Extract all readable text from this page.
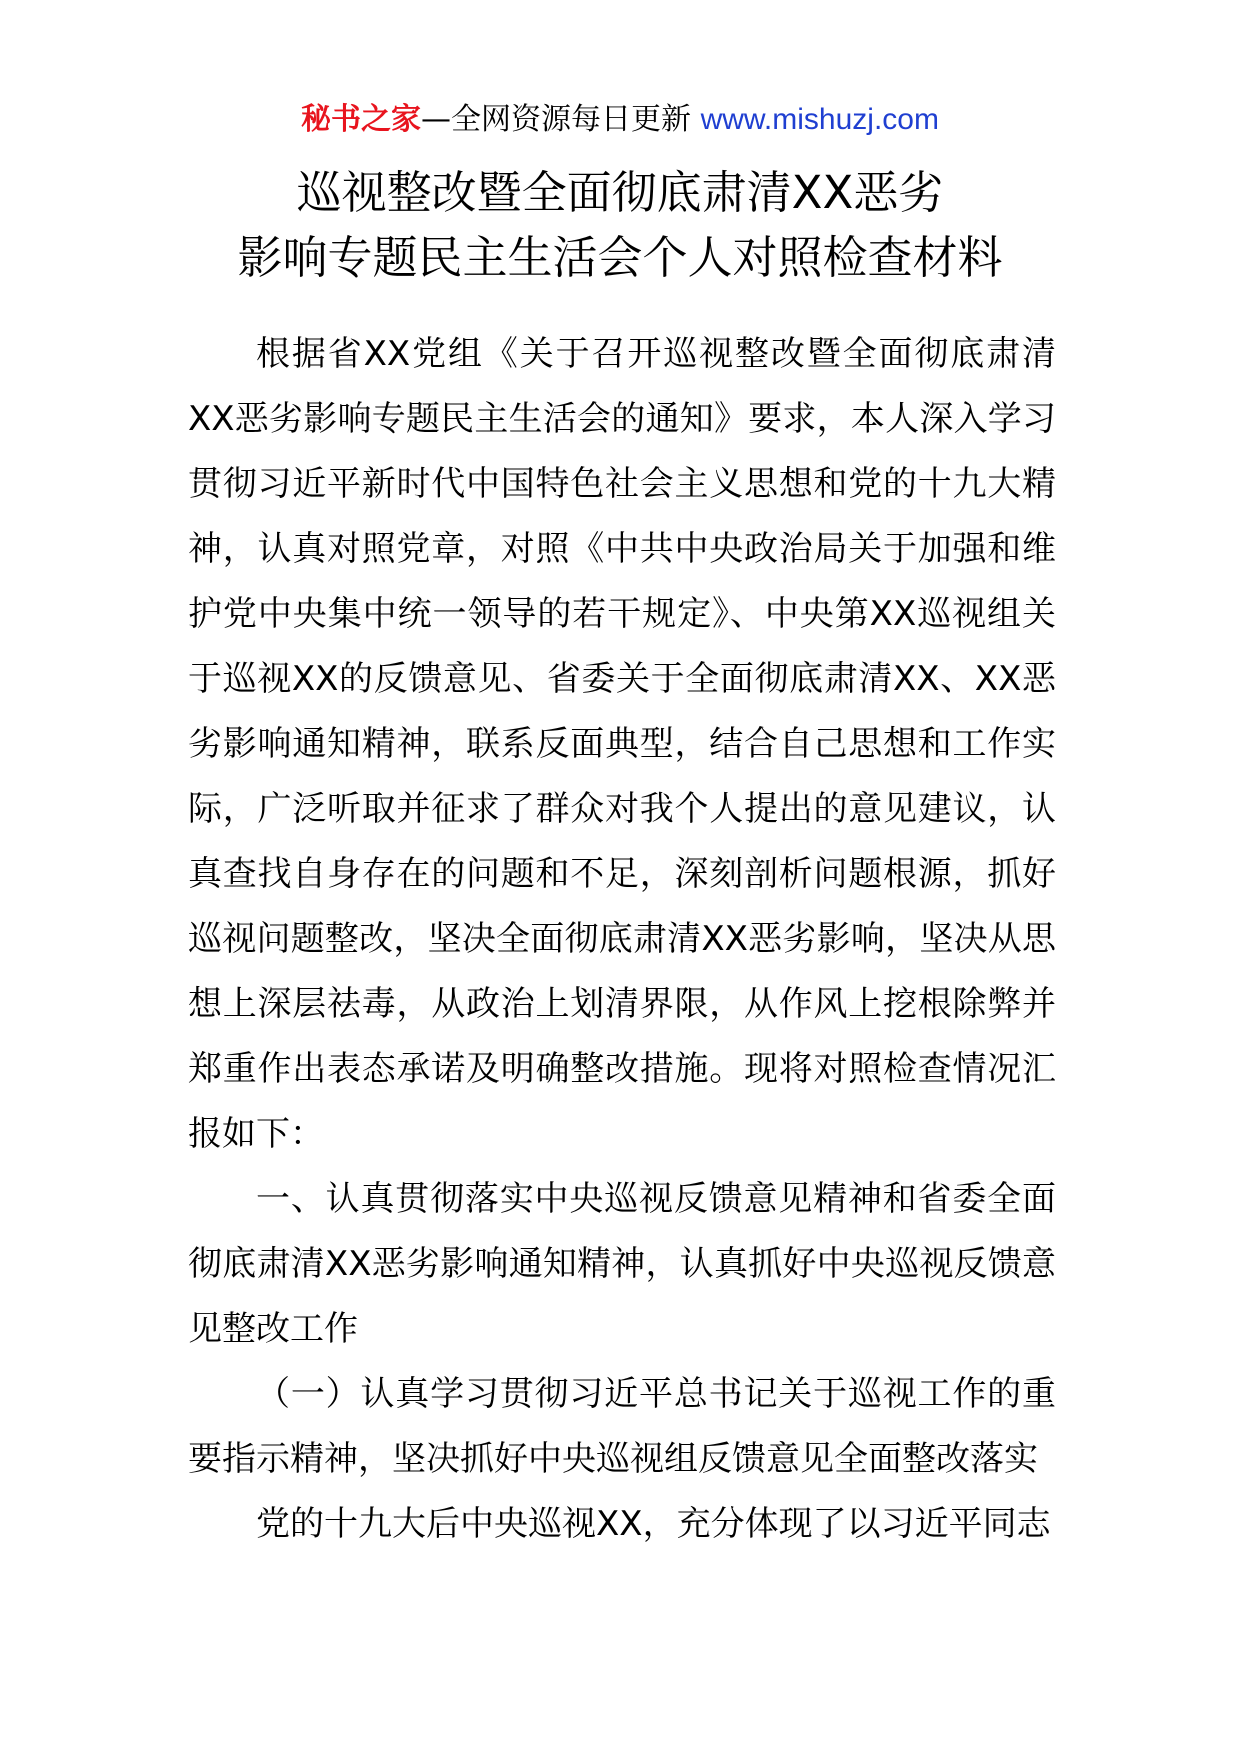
秘书之家—全网资源每日更新 www.mishuzj.com
巡视整改暨全面彻底肃清XX恶劣
影响专题民主生活会个人对照检查材料

根据省XX党组《关于召开巡视整改暨全面彻底肃清XX恶劣影响专题民主生活会的通知》要求，本人深入学习贯彻习近平新时代中国特色社会主义思想和党的十九大精神，认真对照党章，对照《中共中央政治局关于加强和维护党中央集中统一领导的若干规定》、中央第XX巡视组关于巡视XX的反馈意见、省委关于全面彻底肃清XX、XX恶劣影响通知精神，联系反面典型，结合自己思想和工作实际，广泛听取并征求了群众对我个人提出的意见建议，认真查找自身存在的问题和不足，深刻剖析问题根源，抓好巡视问题整改，坚决全面彻底肃清XX恶劣影响，坚决从思想上深层祛毒，从政治上划清界限，从作风上挖根除弊并郑重作出表态承诺及明确整改措施。现将对照检查情况汇报如下：

一、认真贯彻落实中央巡视反馈意见精神和省委全面彻底肃清XX恶劣影响通知精神，认真抓好中央巡视反馈意见整改工作

（一）认真学习贯彻习近平总书记关于巡视工作的重要指示精神，坚决抓好中央巡视组反馈意见全面整改落实

党的十九大后中央巡视XX，充分体现了以习近平同志
